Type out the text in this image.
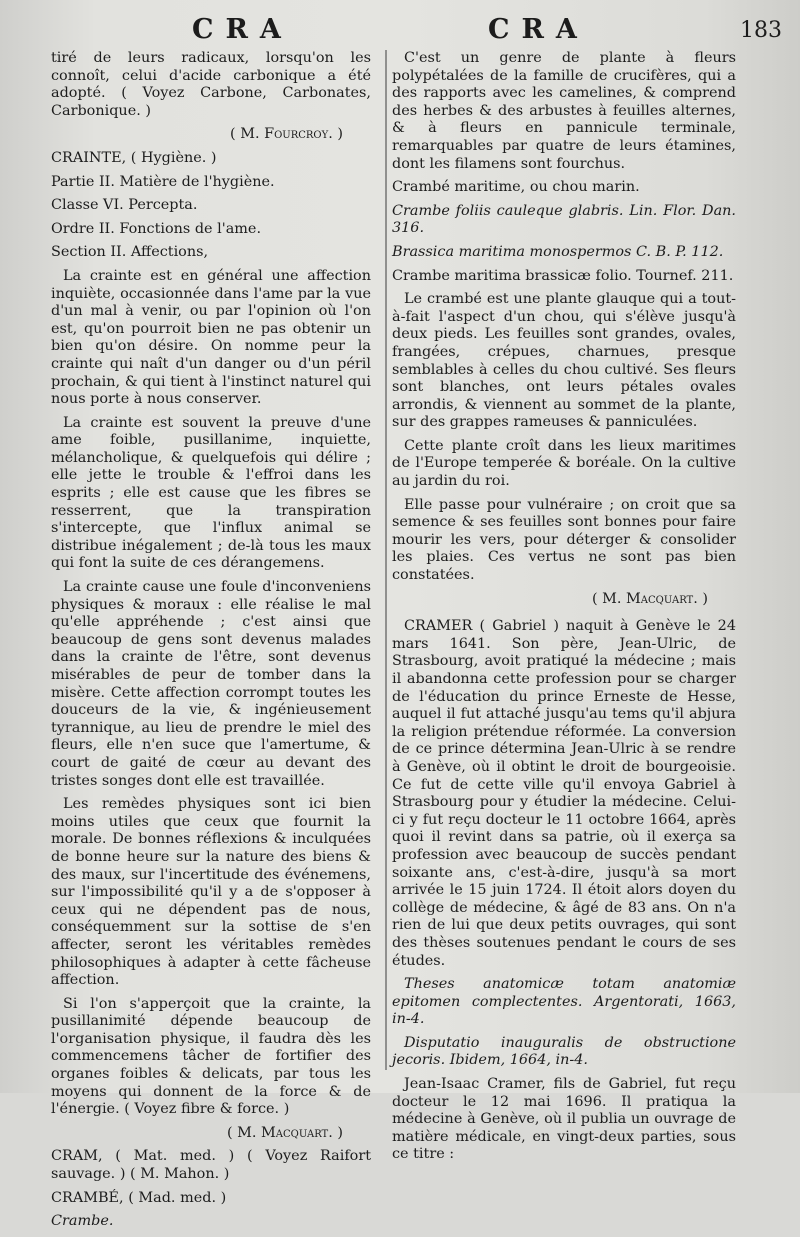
CRA	CRA	183

tiré de leurs radicaux, lorsqu'on les connoît, celui d'acide carbonique a été adopté. ( Voyez Carbone, Carbonates, Carbonique. )

( M. Fourcroy. )

CRAINTE, ( Hygiène. )

Partie II. Matière de l'hygiène.

Classe VI. Percepta.

Ordre II. Fonctions de l'ame.

Section II. Affections,

La crainte est en général une affection inquiète, occasionnée dans l'ame par la vue d'un mal à venir, ou par l'opinion où l'on est, qu'on pourroit bien ne pas obtenir un bien qu'on désire. On nomme peur la crainte qui naît d'un danger ou d'un péril prochain, & qui tient à l'instinct naturel qui nous porte à nous conserver.

La crainte est souvent la preuve d'une ame foible, pusillanime, inquiette, mélancholique, & quelquefois qui délire ; elle jette le trouble & l'effroi dans les esprits ; elle est cause que les fibres se resserrent, que la transpiration s'intercepte, que l'influx animal se distribue inégalement ; de-là tous les maux qui font la suite de ces dérangemens.

La crainte cause une foule d'inconveniens physiques & moraux : elle réalise le mal qu'elle appréhende ; c'est ainsi que beaucoup de gens sont devenus malades dans la crainte de l'être, sont devenus misérables de peur de tomber dans la misère. Cette affection corrompt toutes les douceurs de la vie, & ingénieusement tyrannique, au lieu de prendre le miel des fleurs, elle n'en suce que l'amertume, & court de gaité de cœur au devant des tristes songes dont elle est travaillée.

Les remèdes physiques sont ici bien moins utiles que ceux que fournit la morale. De bonnes réflexions & inculquées de bonne heure sur la nature des biens & des maux, sur l'incertitude des événemens, sur l'impossibilité qu'il y a de s'opposer à ceux qui ne dépendent pas de nous, conséquemment sur la sottise de s'en affecter, seront les véritables remèdes philosophiques à adapter à cette fâcheuse affection.

Si l'on s'apperçoit que la crainte, la pusillanimité dépende beaucoup de l'organisation physique, il faudra dès les commencemens tâcher de fortifier des organes foibles & delicats, par tous les moyens qui donnent de la force & de l'énergie. ( Voyez fibre & force. )

( M. Macquart. )

CRAM, ( Mat. med. ) ( Voyez Raifort sauvage. ) ( M. Mahon. )

CRAMBÉ, ( Mad. med. )

Crambe.

C'est un genre de plante à fleurs polypétalées de la famille de crucifères, qui a des rapports avec les camelines, & comprend des herbes & des arbustes à feuilles alternes, & à fleurs en pannicule terminale, remarquables par quatre de leurs étamines, dont les filamens sont fourchus.

Crambé maritime, ou chou marin.

Crambe foliis cauleque glabris. Lin. Flor. Dan. 316.

Brassica maritima monospermos C. B. P. 112.

Crambe maritima brassicæ folio. Tournef. 211.

Le crambé est une plante glauque qui a tout-à-fait l'aspect d'un chou, qui s'élève jusqu'à deux pieds. Les feuilles sont grandes, ovales, frangées, crépues, charnues, presque semblables à celles du chou cultivé. Ses fleurs sont blanches, ont leurs pétales ovales arrondis, & viennent au sommet de la plante, sur des grappes rameuses & panniculées.

Cette plante croît dans les lieux maritimes de l'Europe temperée & boréale. On la cultive au jardin du roi.

Elle passe pour vulnéraire ; on croit que sa semence & ses feuilles sont bonnes pour faire mourir les vers, pour déterger & consolider les plaies. Ces vertus ne sont pas bien constatées.

( M. Macquart. )

CRAMER ( Gabriel ) naquit à Genève le 24 mars 1641. Son père, Jean-Ulric, de Strasbourg, avoit pratiqué la médecine ; mais il abandonna cette profession pour se charger de l'éducation du prince Erneste de Hesse, auquel il fut attaché jusqu'au tems qu'il abjura la religion prétendue réformée. La conversion de ce prince détermina Jean-Ulric à se rendre à Genève, où il obtint le droit de bourgeoisie. Ce fut de cette ville qu'il envoya Gabriel à Strasbourg pour y étudier la médecine. Celui-ci y fut reçu docteur le 11 octobre 1664, après quoi il revint dans sa patrie, où il exerça sa profession avec beaucoup de succès pendant soixante ans, c'est-à-dire, jusqu'à sa mort arrivée le 15 juin 1724. Il étoit alors doyen du collège de médecine, & âgé de 83 ans. On n'a rien de lui que deux petits ouvrages, qui sont des thèses soutenues pendant le cours de ses études.

Theses anatomicæ totam anatomiæ epitomen complectentes. Argentorati, 1663, in-4.

Disputatio inauguralis de obstructione jecoris. Ibidem, 1664, in-4.

Jean-Isaac Cramer, fils de Gabriel, fut reçu docteur le 12 mai 1696. Il pratiqua la médecine à Genève, où il publia un ouvrage de matière médicale, en vingt-deux parties, sous ce titre :
